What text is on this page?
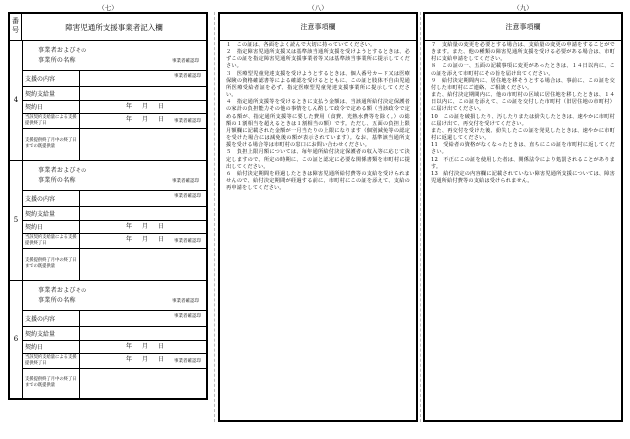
（七）	（八）	（九）
番
号	障害児通所支援事業者記入欄
4
事業者およびその
事業所の名称	事業者確認印
支援の内容	事業者確認印
契約支給量
契約日	年 月 日
当該契約支給量による支援提供終了日	年 月 日 事業者確認印
支援提供終了月中の終了日までの既提供量
5
事業者およびその
事業所の名称	事業者確認印
支援の内容	事業者確認印
契約支給量
契約日	年 月 日
当該契約支給量による支援提供終了日	年 月 日 事業者確認印
支援提供終了月中の終了日までの既提供量
6
事業者およびその
事業所の名称	事業者確認印
支援の内容	事業者確認印
契約支給量
契約日	年 月 日
当該契約支給量による支援提供終了日	年 月 日 事業者確認印
支援提供終了月中の終了日までの既提供量
注意事項欄
１　この証は、各面をよく読んで大切に持っていてください。
２　指定障害児通所支援又は基準該当通所支援を受けようとするときは、必ずこの証を指定障害児通所支援事業者等又は基準該当事業所に提示してください。
３　医療型児童発達支援を受けようとするときは、個人番号カード又は医療保険の資格確認書等による確認を受けるとともに、この証と肢体不自由児通所医療受給者証を必ず、指定医療型児童発達支援事業所に提示してください。
４　指定通所支援等を受けるときに支払う金額は、当該通所給付決定保護者の家計の負担能力その他の事情をしん酌して政令で定める額（当該政令で定める額が、指定通所支援等に要した費用（食費、光熱水費等を除く。）の総額の１割相当を超えるときは１割相当の額）です。ただし、五面の負担上限月額欄に記載された金額が一月当たりの上限になります（個別減免等の認定を受けた場合には減免後の額が表示されています）。なお、基準該当通所支援を受ける場合等は市町村の窓口にお問い合わせください。
５　負担上限月額については、毎年通所給付決定保護者の収入等に応じて決定しますので、所定の時期に、この証と認定に必要な関係書類を市町村に提出してください。
６　給付決定期間を経過したときは障害児通所給付費等の支給を受けられませんので、給付決定期間が経過する前に、市町村にこの証を添えて、支給の再申請をしてください。
注意事項欄
７　支給量の変更を必要とする場合は、支給量の変更の申請をすることができます。また、他の種類の障害児通所支援を受ける必要がある場合は、市町村に支給申請をしてください。
８　この証の一、五面の記載事項に変更があったときは、１４日以内に、この証を添えて市町村にその旨を届け出てください。
９　給付決定期間内に、居住地を移そうとする場合は、事前に、この証を交付した市町村にご連絡、ご相談ください。
また、給付決定期間内に、他の市町村の区域に居住地を移したときは、１４日以内に、この証を添えて、この証を交付した市町村（旧居住地の市町村）に届け出てください。
10　この証を破損したり、汚したりまたは紛失したときは、速やかに市町村に届け出て、再交付を受けてください。
また、再交付を受けた後、紛失したこの証を発見したときは、速やかに市町村に返還してください。
11　受給者の資格がなくなったときは、直ちにこの証を市町村に返してください。
12　不正にこの証を使用した者は、関係法令により処罰されることがあります。
13　給付決定の内容欄に記載されていない障害児通所支援については、障害児通所給付費等の支給は受けられません。
